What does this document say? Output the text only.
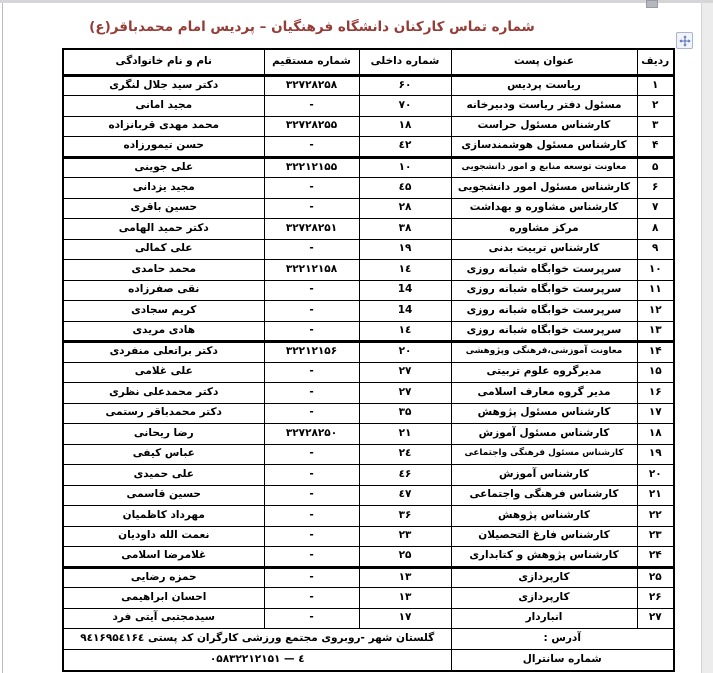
شماره تماس کارکنان دانشگاه فرهنگیان – پردیس امام محمدباقر(ع)
ردیف	عنوان پست	شماره داخلی	شماره مستقیم	نام و نام خانوادگی
۱	ریاست پردیس	۶۰	۳۲۷۲۸۲۵۸	دکتر سید جلال لنگری
۲	مسئول دفتر ریاست ودبیرخانه	۷۰	-	مجید امانی
۳	کارشناس مسئول حراست	۱۸	۳۲۷۲۸۲۵۵	محمد مهدی قربانزاده
۴	کارشناس مسئول هوشمندسازی	٤۲	-	حسن تیمورزاده
۵	معاونت توسعه منابع و امور دانشجویی	۱۰	۳۲۲۱۲۱۵۵	علی جوینی
۶	کارشناس مسئول امور دانشجویی	٤۵	-	مجید یزدانی
۷	کارشناس مشاوره و بهداشت	۲۸	-	حسین باقری
۸	مرکز مشاوره	۳۸	۳۲۷۲۸۲۵۱	دکتر حمید الهامی
۹	کارشناس تربیت بدنی	۱۹	-	علی کمالی
۱۰	سرپرست خوابگاه شبانه روزی	۱٤	۳۲۲۱۲۱۵۸	محمد حامدی
۱۱	سرپرست خوابگاه شبانه روزی	14	-	نقی صفرزاده
۱۲	سرپرست خوابگاه شبانه روزی	14	-	کریم سجادی
۱۳	سرپرست خوابگاه شبانه روزی	۱٤	-	هادی مریدی
۱۴	معاونت آموزشی،فرهنگی وپژوهشی	۲۰	۳۲۲۱۲۱۵۶	دکتر براتعلی منفردی
۱۵	مدیرگروه علوم تربیتی	۲۷	-	علی غلامی
۱۶	مدیر گروه معارف اسلامی	۲۷	-	دکتر محمدعلی نظری
۱۷	کارشناس مسئول پژوهش	۳۵	-	دکتر محمدباقر رستمی
۱۸	کارشناس مسئول آموزش	۲۱	۳۲۷۲۸۲۵۰	رضا ریحانی
۱۹	کارشناس مسئول فرهنگی واجتماعی	۲٤	-	عباس کیفی
۲۰	کارشناس آموزش	٤۶	-	علی حمیدی
۲۱	کارشناس فرهنگی واجتماعی	٤۷	-	حسین قاسمی
۲۲	کارشناس پژوهش	۳۶	-	مهرداد کاظمیان
۲۳	کارشناس فارغ التحصیلان	۲۳	-	نعمت الله داودیان
۲۴	کارشناس پژوهش و کتابداری	۲۵	-	غلامرضا اسلامی
۲۵	کارپردازی	۱۳	-	حمزه رضایی
۲۶	کارپردازی	۱۳	-	احسان ابراهیمی
۲۷	انباردار	۱۷	-	سیدمجتبی آیتی فرد
آدرس :		گلستان شهر -روبروی مجتمع ورزشی کارگران کد پستی ۹٤۱۶۹۵٤۱۶٤		
شماره سانترال		۰۵۸۳۲۲۱۲۱۵۱ — ٤		
